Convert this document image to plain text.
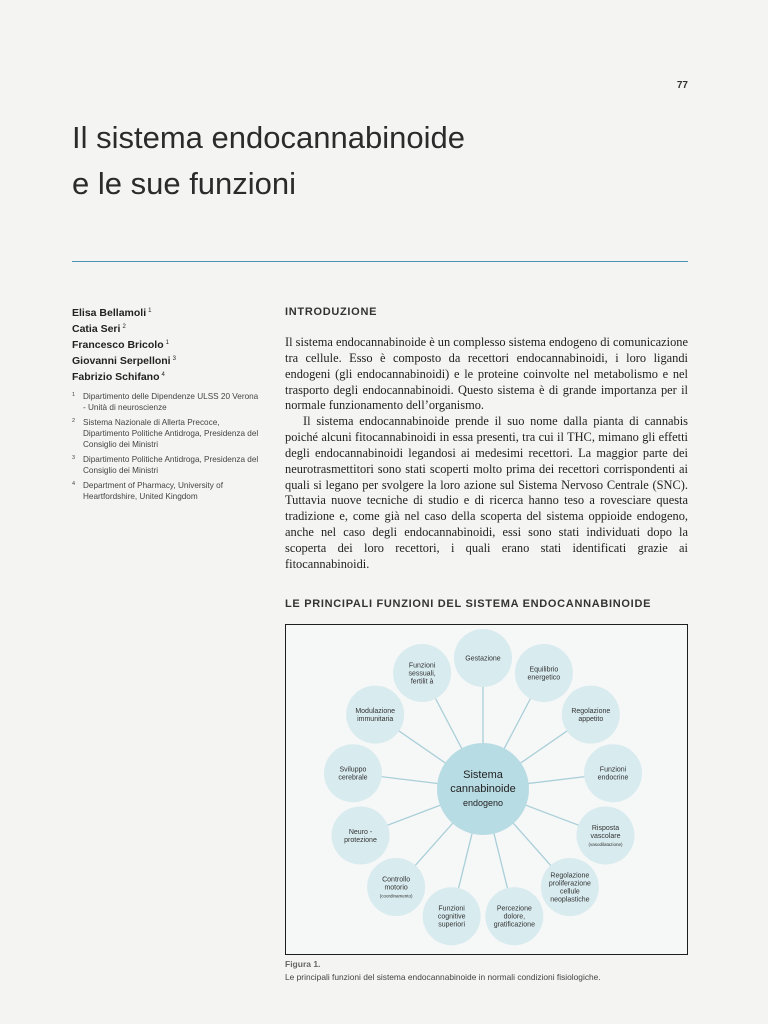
77
Il sistema endocannabinoide
e le sue funzioni
Elisa Bellamoli $^1$
Catia Seri $^2$
Francesco Bricolo $^1$
Giovanni Serpelloni $^3$
Fabrizio Schifano $^4$
1 Dipartimento delle Dipendenze ULSS 20 Verona - Unità di neuroscienze
2 Sistema Nazionale di Allerta Precoce, Dipartimento Politiche Antidroga, Presidenza del Consiglio dei Ministri
3 Dipartimento Politiche Antidroga, Presidenza del Consiglio dei Ministri
4 Department of Pharmacy, University of Heartfordshire, United Kingdom
INTRODUZIONE

Il sistema endocannabinoide è un complesso sistema endogeno di comunicazione tra cellule. Esso è composto da recettori endocannabinoidi, i loro ligandi endogeni (gli endocannabinoidi) e le proteine coinvolte nel metabolismo e nel trasporto degli endocannabinoidi. Questo sistema è di grande importanza per il normale funzionamento dell’organismo.

Il sistema endocannabinoide prende il suo nome dalla pianta di cannabis poiché alcuni fitocannabinoidi in essa presenti, tra cui il THC, mimano gli effetti degli endocannabinoidi legandosi ai medesimi recettori. La maggior parte dei neurotrasmettitori sono stati scoperti molto prima dei recettori corrispondenti ai quali si legano per svolgere la loro azione sul Sistema Nervoso Centrale (SNC). Tuttavia nuove tecniche di studio e di ricerca hanno teso a rovesciare questa tradizione e, come già nel caso della scoperta del sistema oppioide endogeno, anche nel caso degli endocannabinoidi, essi sono stati individuati dopo la scoperta dei loro recettori, i quali erano stati identificati grazie ai fitocannabinoidi.

LE PRINCIPALI FUNZIONI DEL SISTEMA ENDOCANNABINOIDE
Gestazione
Equilibrio
energetico
Regolazione
appetito
Funzioni
endocrine
Risposta
vascolare
(vasodilatazione)
Regolazione
proliferazione
cellule
neoplastiche
Percezione
dolore,
gratificazione
Funzioni
cognitive
superiori
Controllo
motorio
(coordinamento)
Neuro -
protezione
Sviluppo
cerebrale
Modulazione
immunitaria
Funzioni
sessuali,
fertilit à
Sistema
cannabinoide
endogeno
Figura 1.
Le principali funzioni del sistema endocannabinoide in normali condizioni fisiologiche.
